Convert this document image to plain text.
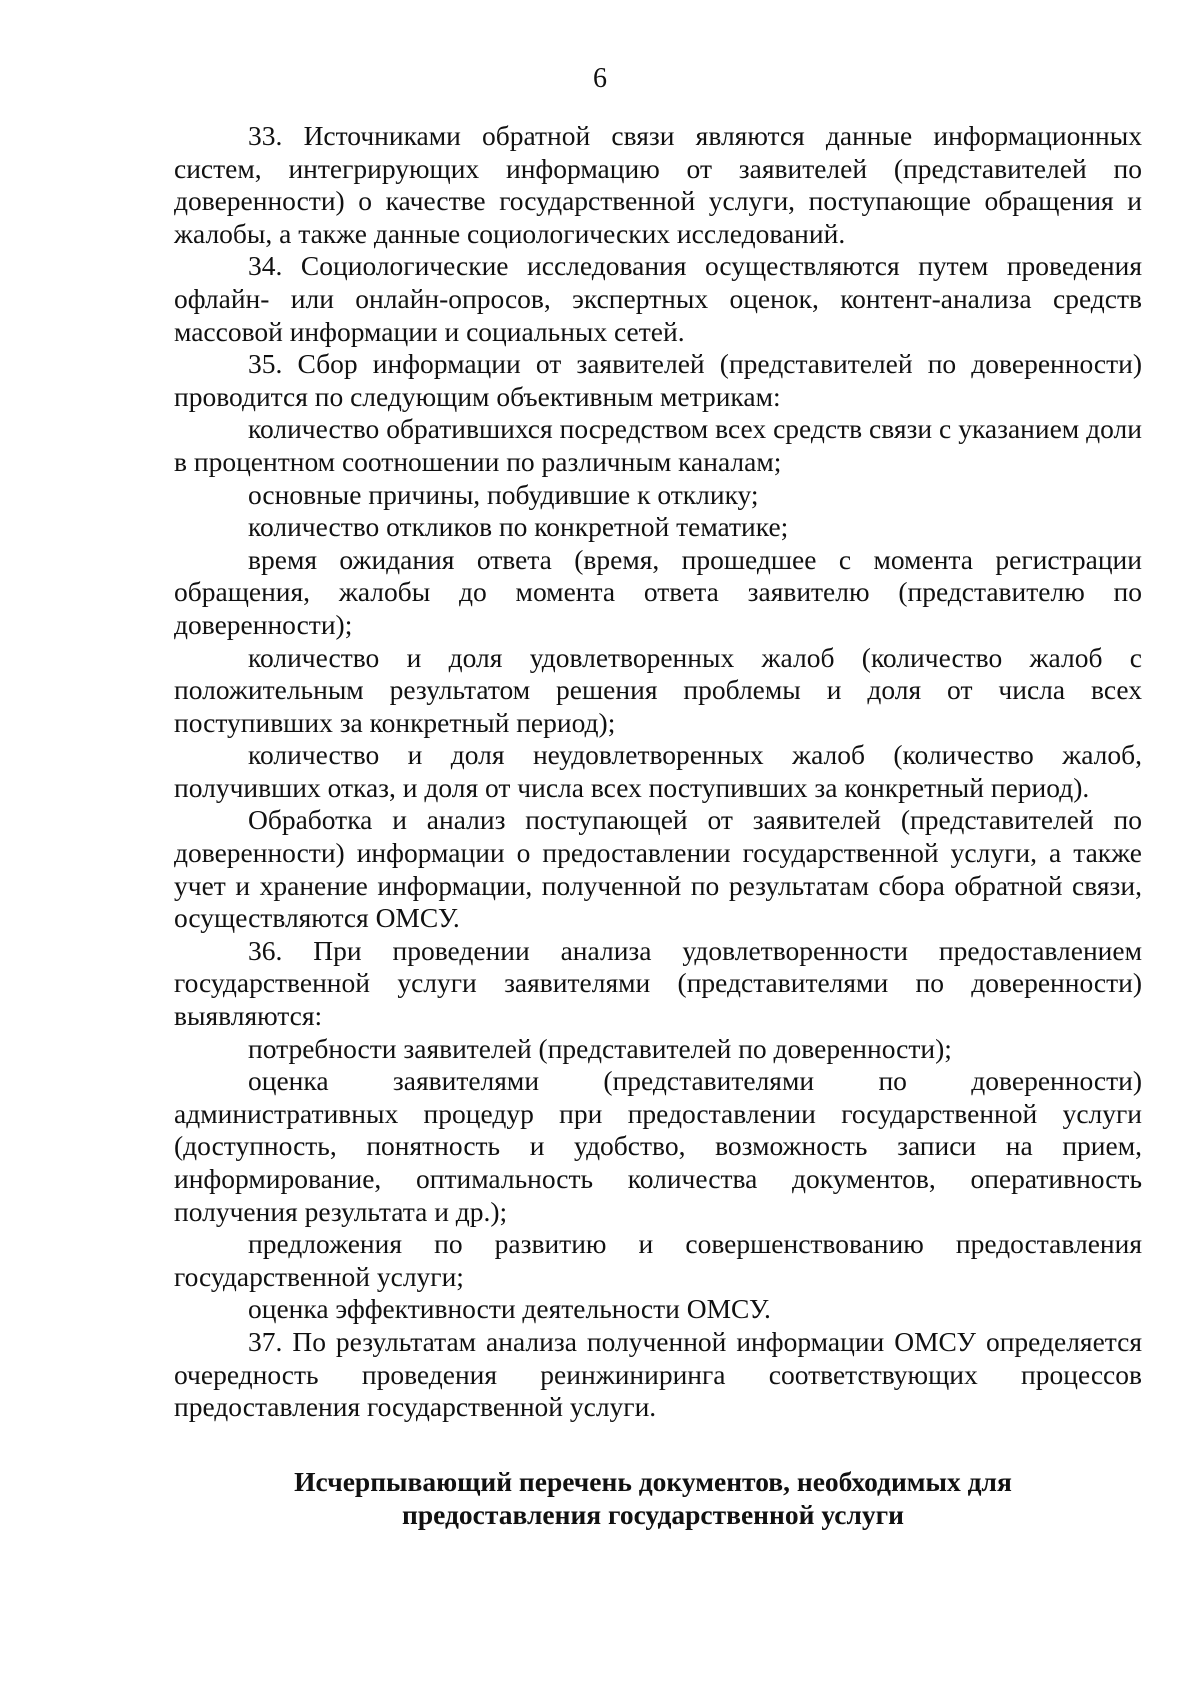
6

33. Источниками обратной связи являются данные информационных систем, интегрирующих информацию от заявителей (представителей по доверенности) о качестве государственной услуги, поступающие обращения и жалобы, а также данные социологических исследований.

34. Социологические исследования осуществляются путем проведения офлайн- или онлайн-опросов, экспертных оценок, контент-анализа средств массовой информации и социальных сетей.

35. Сбор информации от заявителей (представителей по доверенности) проводится по следующим объективным метрикам:

количество обратившихся посредством всех средств связи с указанием доли в процентном соотношении по различным каналам;

основные причины, побудившие к отклику;

количество откликов по конкретной тематике;

время ожидания ответа (время, прошедшее с момента регистрации обращения, жалобы до момента ответа заявителю (представителю по доверенности);

количество и доля удовлетворенных жалоб (количество жалоб с положительным результатом решения проблемы и доля от числа всех поступивших за конкретный период);

количество и доля неудовлетворенных жалоб (количество жалоб, получивших отказ, и доля от числа всех поступивших за конкретный период).

Обработка и анализ поступающей от заявителей (представителей по доверенности) информации о предоставлении государственной услуги, а также учет и хранение информации, полученной по результатам сбора обратной связи, осуществляются ОМСУ.

36. При проведении анализа удовлетворенности предоставлением государственной услуги заявителями (представителями по доверенности) выявляются:

потребности заявителей (представителей по доверенности);

оценка заявителями (представителями по доверенности) административных процедур при предоставлении государственной услуги (доступность, понятность и удобство, возможность записи на прием, информирование, оптимальность количества документов, оперативность получения результата и др.);

предложения по развитию и совершенствованию предоставления государственной услуги;

оценка эффективности деятельности ОМСУ.

37. По результатам анализа полученной информации ОМСУ определяется очередность проведения реинжиниринга соответствующих процессов предоставления государственной услуги.

Исчерпывающий перечень документов, необходимых для
предоставления государственной услуги
